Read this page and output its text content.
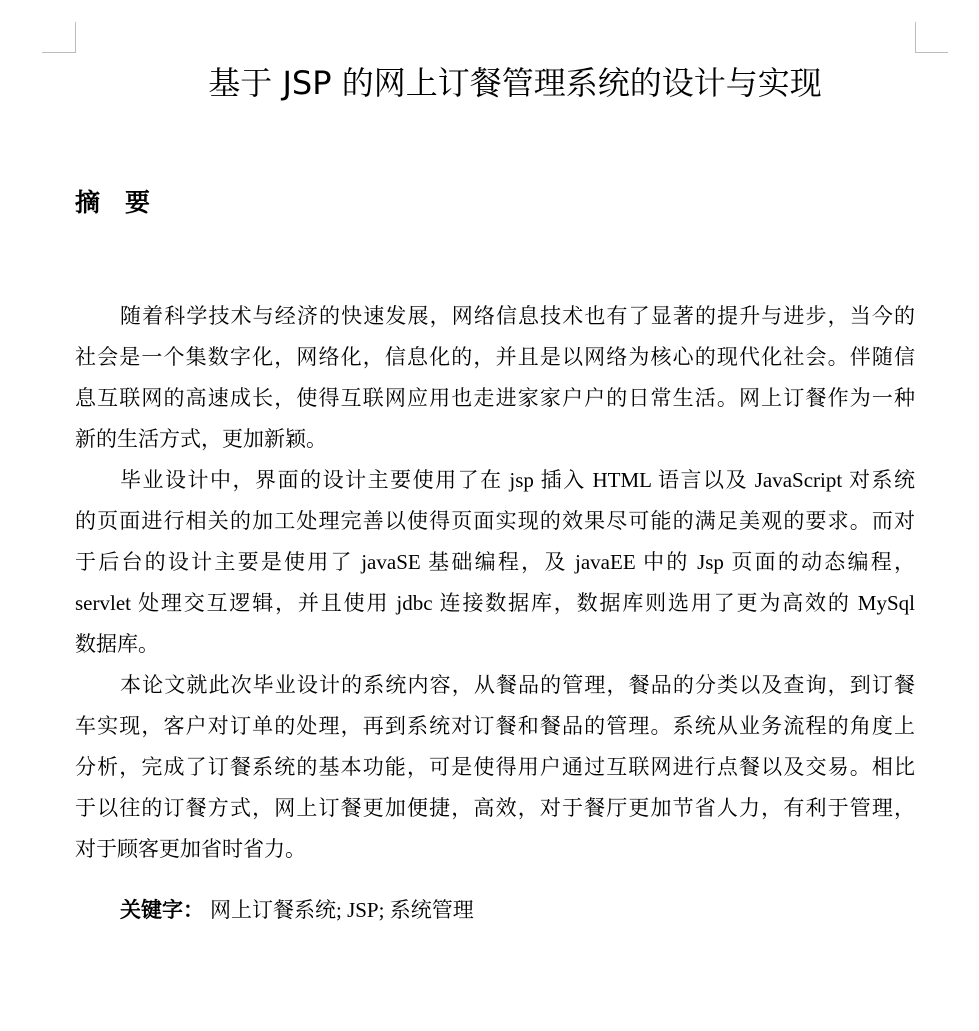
基于 JSP 的网上订餐管理系统的设计与实现
摘　要
随着科学技术与经济的快速发展，网络信息技术也有了显著的提升与进步，当今的
社会是一个集数字化，网络化，信息化的，并且是以网络为核心的现代化社会。伴随信
息互联网的高速成长，使得互联网应用也走进家家户户的日常生活。网上订餐作为一种
新的生活方式，更加新颖。
毕业设计中，界面的设计主要使用了在 jsp 插入 HTML 语言以及 JavaScript 对系统
的页面进行相关的加工处理完善以使得页面实现的效果尽可能的满足美观的要求。而对
于后台的设计主要是使用了 javaSE 基础编程，及 javaEE 中的 Jsp 页面的动态编程，
servlet 处理交互逻辑，并且使用 jdbc 连接数据库，数据库则选用了更为高效的 MySql
数据库。
本论文就此次毕业设计的系统内容，从餐品的管理，餐品的分类以及查询，到订餐
车实现，客户对订单的处理，再到系统对订餐和餐品的管理。系统从业务流程的角度上
分析，完成了订餐系统的基本功能，可是使得用户通过互联网进行点餐以及交易。相比
于以往的订餐方式，网上订餐更加便捷，高效，对于餐厅更加节省人力，有利于管理，
对于顾客更加省时省力。
关键字： 网上订餐系统; JSP; 系统管理
